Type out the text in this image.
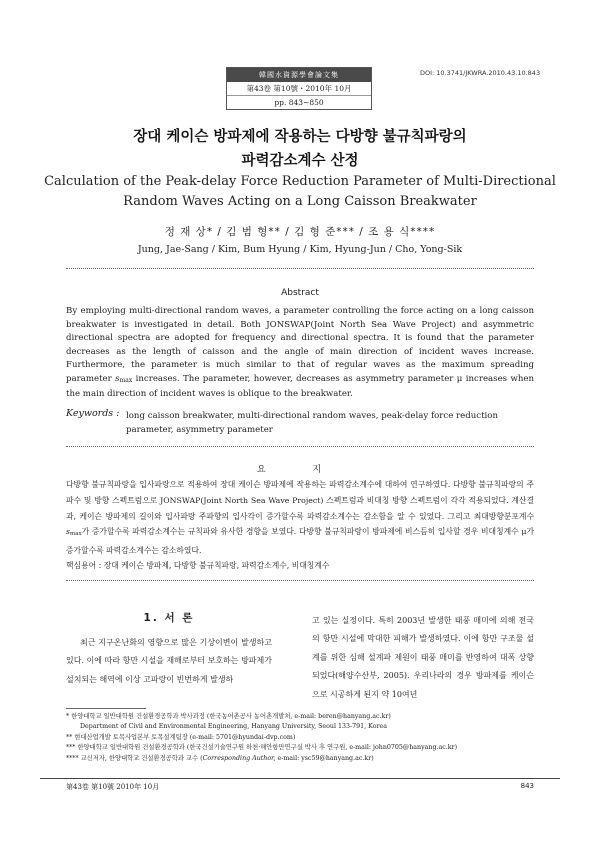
韓國水資源學會論文集
第43卷 第10號・2010年 10月
pp. 843~850
DOI: 10.3741/JKWRA.2010.43.10.843
장대 케이슨 방파제에 작용하는 다방향 불규칙파랑의
파력감소계수 산정
Calculation of the Peak-delay Force Reduction Parameter of Multi-Directional
Random Waves Acting on a Long Caisson Breakwater
정 재 상* / 김 범 형** / 김 형 준*** / 조 용 식****
Jung, Jae-Sang / Kim, Bum Hyung / Kim, Hyung-Jun / Cho, Yong-Sik
Abstract
By employing multi-directional random waves, a parameter controlling the force acting on a long caisson breakwater is investigated in detail. Both JONSWAP(Joint North Sea Wave Project) and asymmetric directional spectra are adopted for frequency and directional spectra. It is found that the parameter decreases as the length of caisson and the angle of main direction of incident waves increase. Furthermore, the parameter is much similar to that of regular waves as the maximum spreading parameter smax increases. The parameter, however, decreases as asymmetry parameter μ increases when the main direction of incident waves is oblique to the breakwater.
Keywords : long caisson breakwater, multi-directional random waves, peak-delay force reduction parameter, asymmetry parameter
요 지
다방향 불규칙파랑을 입사파랑으로 적용하여 장대 케이슨 방파제에 작용하는 파력감소계수에 대하여 연구하였다. 다방향 불규칙파랑의 주파수 및 방향 스펙트럼으로 JONSWAP(Joint North Sea Wave Project) 스펙트럼과 비대칭 방향 스펙트럼이 각각 적용되었다. 계산결과, 케이슨 방파제의 길이와 입사파랑 주파향의 입사각이 증가할수록 파력감소계수는 감소함을 알 수 있었다. 그리고 최대방향분포계수 smax가 증가할수록 파력감소계수는 규칙파와 유사한 경향을 보였다. 다방향 불규칙파랑이 방파제에 비스듬히 입사할 경우 비대칭계수 μ가 증가할수록 파력감소계수는 감소하였다.
핵심용어 : 장대 케이슨 방파제, 다방향 불규칙파랑, 파력감소계수, 비대칭계수
1. 서 론
최근 지구온난화의 영향으로 많은 기상이변이 발생하고 있다. 이에 따라 항만 시설을 재해로부터 보호하는 방파제가 설치되는 해역에 이상 고파랑이 빈번하게 발생하
고 있는 실정이다. 특히 2003년 발생한 태풍 매미에 의해 전국의 항만 시설에 막대한 피해가 발생하였다. 이에 항만 구조물 설계를 위한 심해 설계파 제원이 태풍 매미를 반영하여 대폭 상향되었다(해양수산부, 2005). 우리나라의 경우 방파제를 케이슨으로 시공하게 된지 약 10여년
* 한양대학교 일반대학원 건설환경공학과 박사과정 (한국농어촌공사 농어촌개발처, e-mail: beren@hanyang.ac.kr)
Department of Civil and Environmental Engineering, Hanyang University, Seoul 133-791, Korea
** 현대산업개발 토목사업본부 토목설계팀장 (e-mail: 5701@hyundai-dvp.com)
*** 한양대학교 일반대학원 건설환경공학과 (한국건설기술연구원 하천·해안항만연구실 박사 후 연구원, e-mail: john0705@hanyang.ac.kr)
**** 교신저자, 한양대학교 건설환경공학과 교수 (Corresponding Author, e-mail: ysc59@hanyang.ac.kr)
第43卷 第10號 2010年 10月	843
